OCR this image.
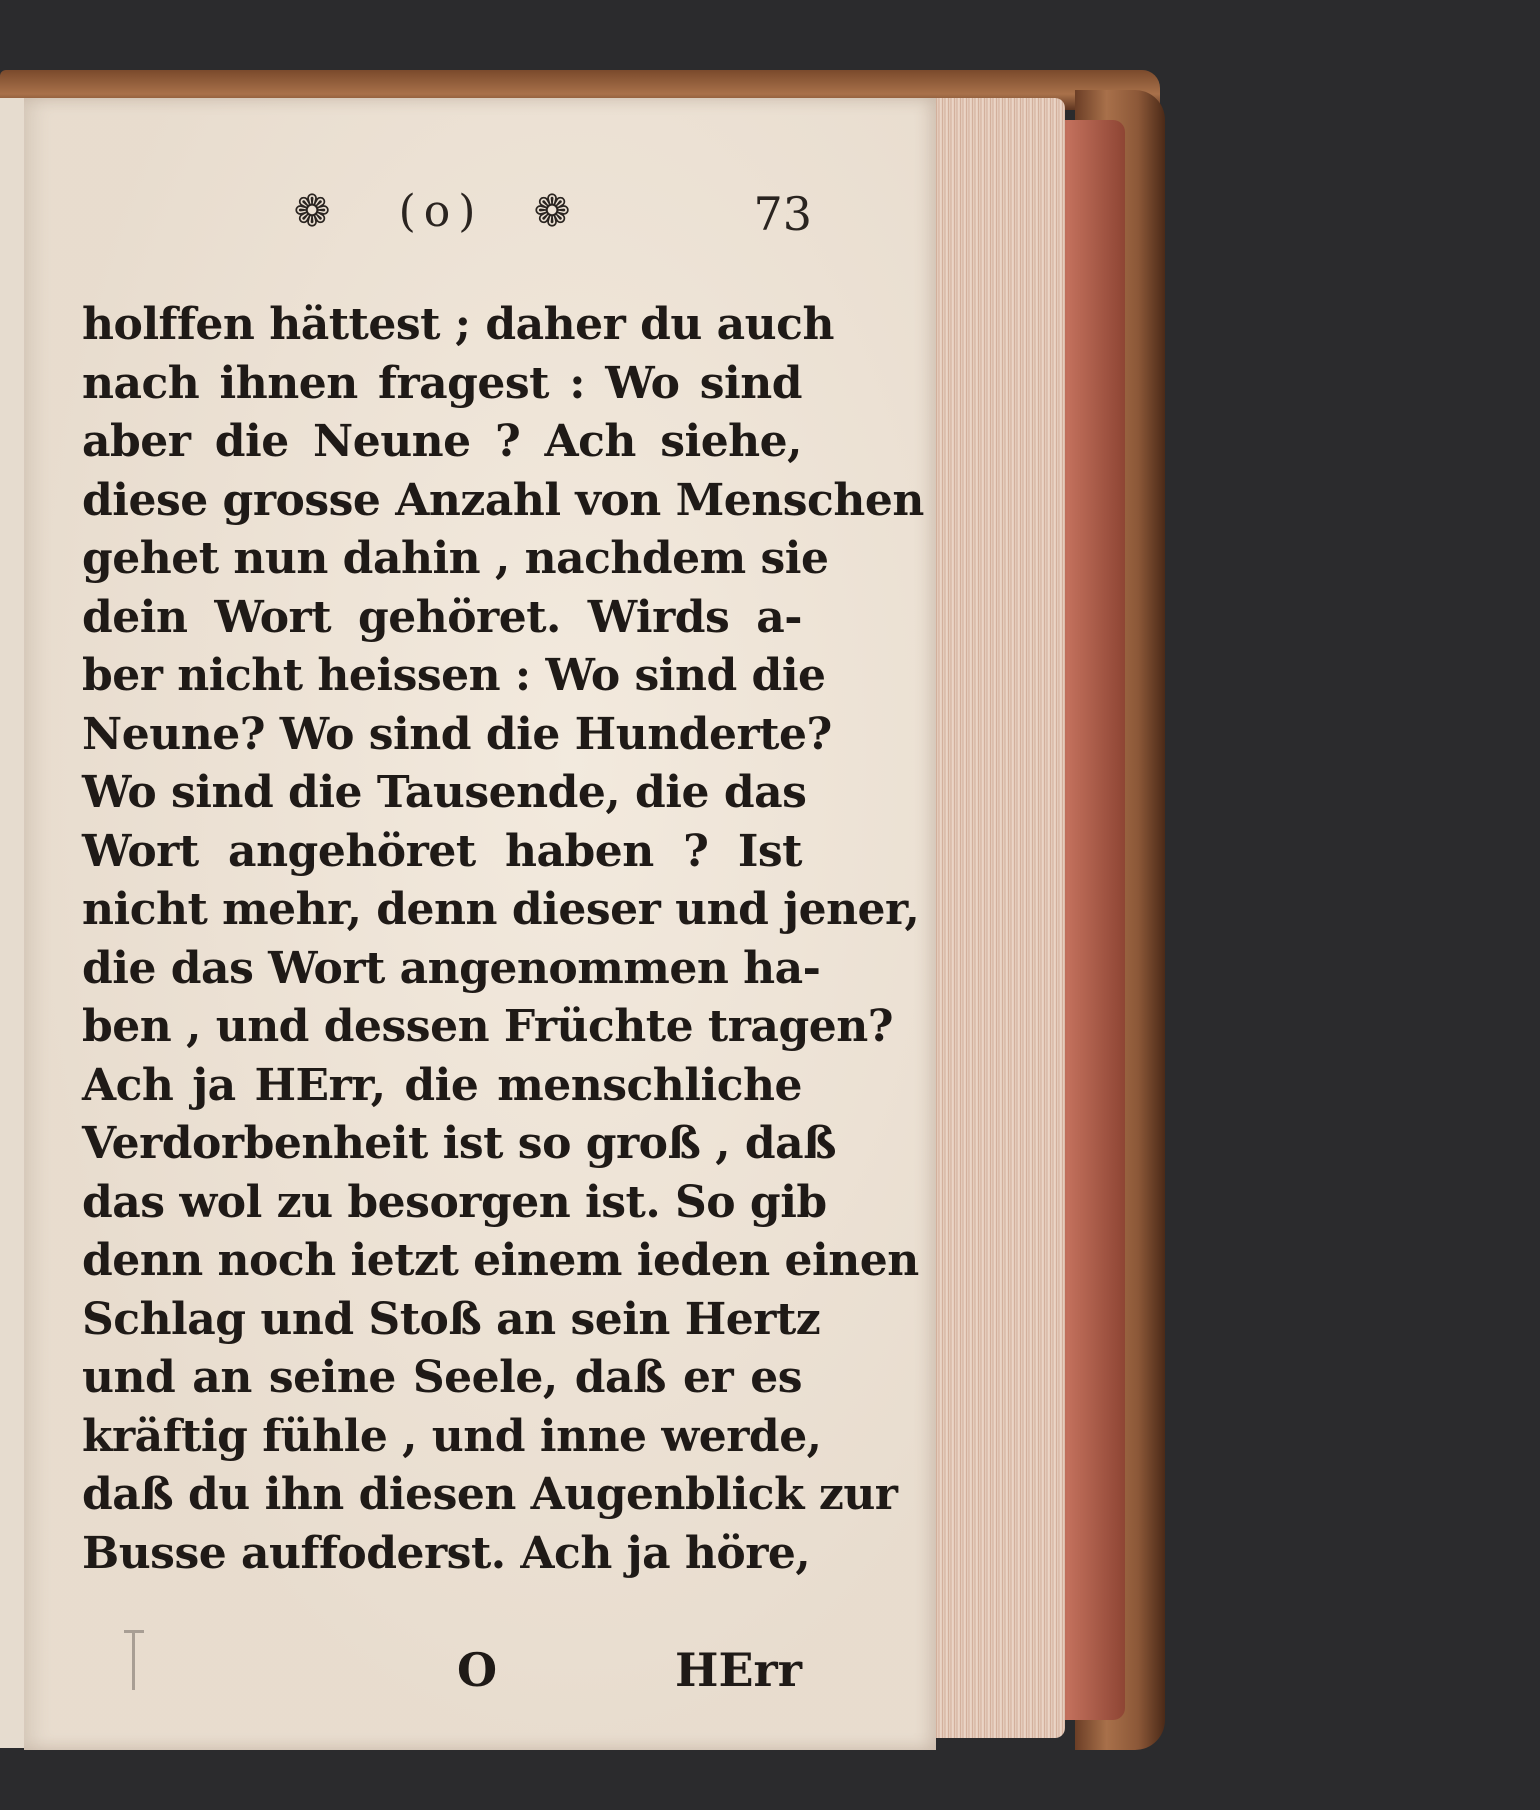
❁	(o)	❁	73
holffen hättest ; daher du auch
nach ihnen fragest : Wo sind
aber die Neune ? Ach siehe,
diese grosse Anzahl von Menschen
gehet nun dahin , nachdem sie
dein Wort gehöret. Wirds a-
ber nicht heissen : Wo sind die
Neune? Wo sind die Hunderte?
Wo sind die Tausende, die das
Wort angehöret haben ? Ist
nicht mehr, denn dieser und jener,
die das Wort angenommen ha-
ben , und dessen Früchte tragen?
Ach ja HErr, die menschliche
Verdorbenheit ist so groß , daß
das wol zu besorgen ist. So gib
denn noch ietzt einem ieden einen
Schlag und Stoß an sein Hertz
und an seine Seele, daß er es
kräftig fühle , und inne werde,
daß du ihn diesen Augenblick zur
Busse auffoderst. Ach ja höre,
O	HErr
